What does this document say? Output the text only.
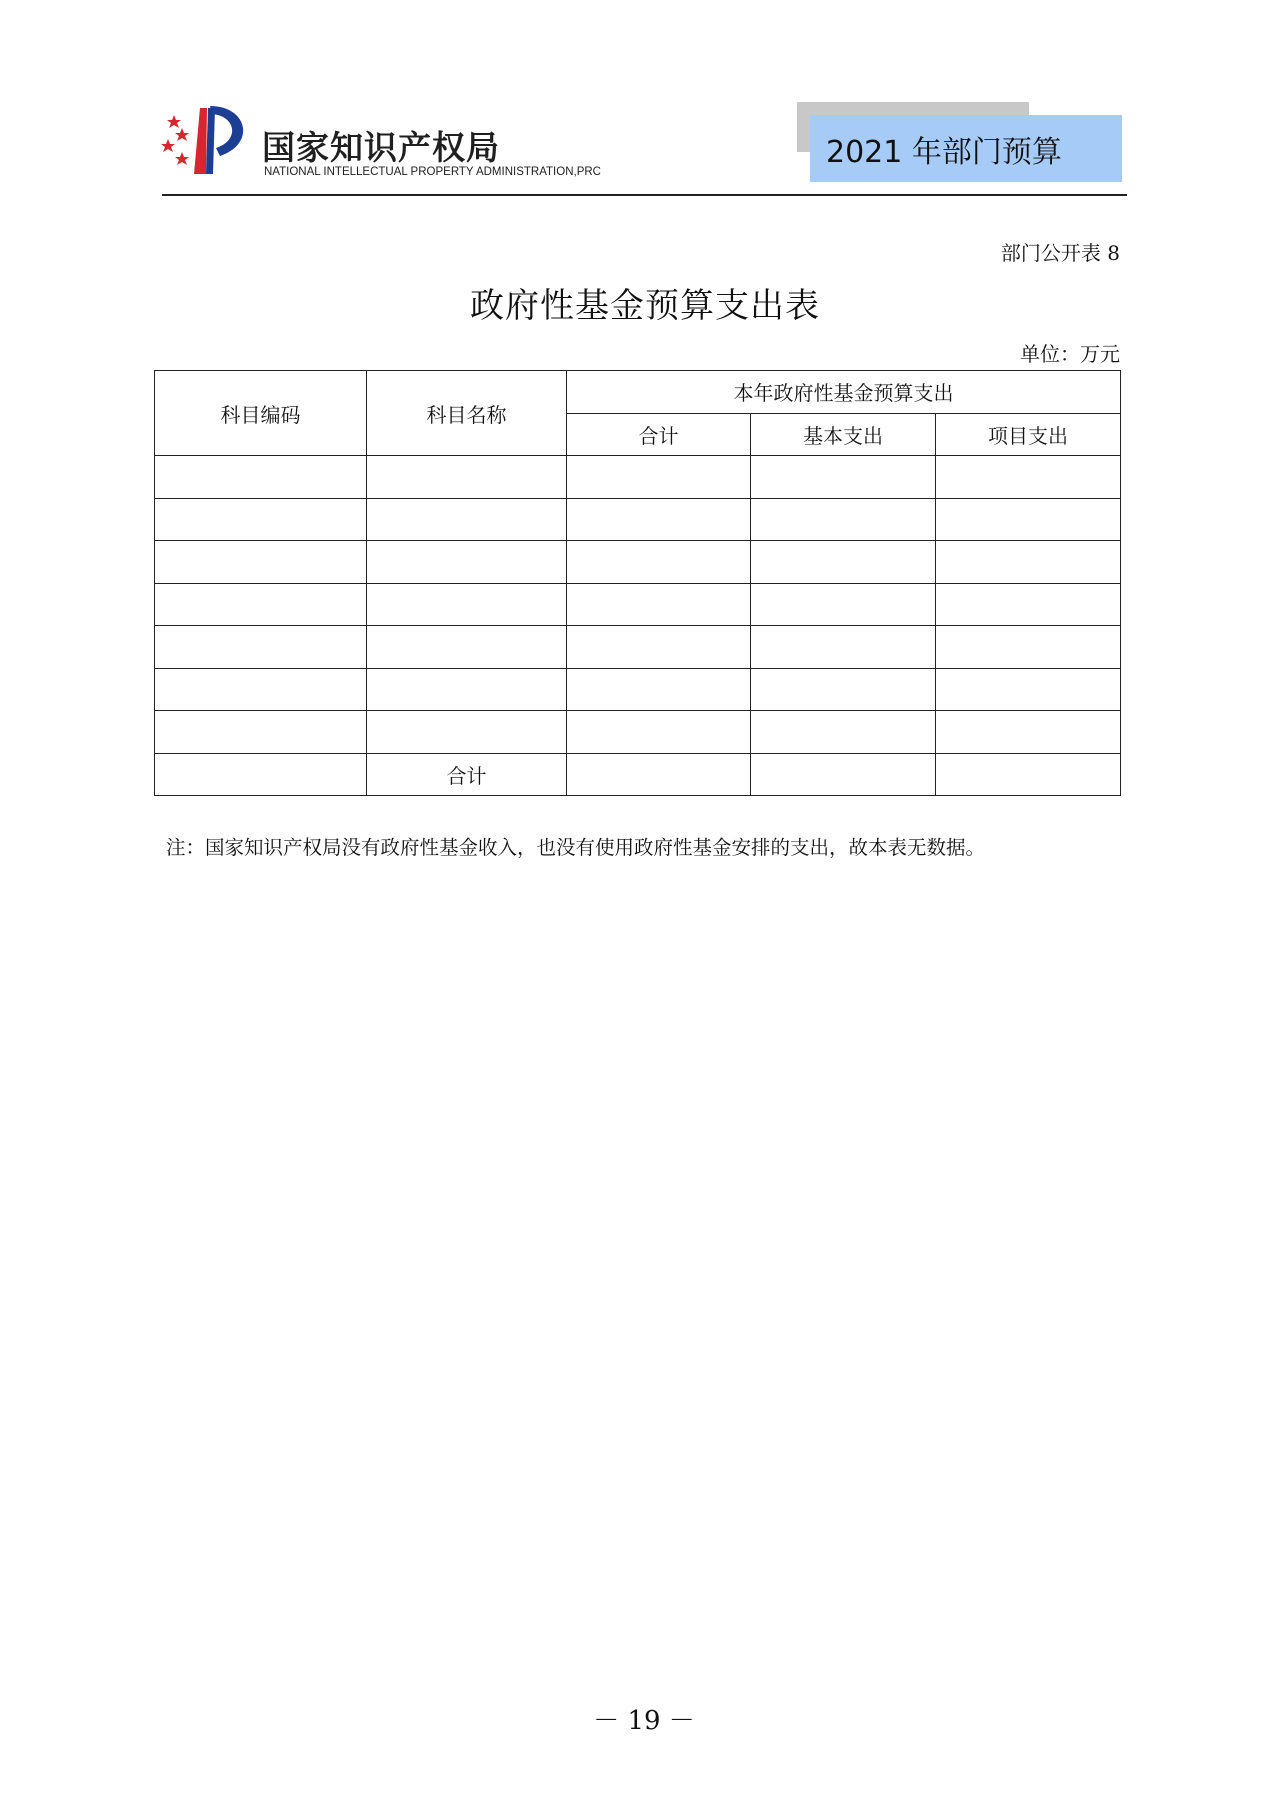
国家知识产权局
NATIONAL INTELLECTUAL PROPERTY ADMINISTRATION,PRC
2021 年部门预算
部门公开表 8
政府性基金预算支出表
单位：万元
科目编码	科目名称	本年政府性基金预算支出		
		合计	基本支出	项目支出

	合计			
注：国家知识产权局没有政府性基金收入，也没有使用政府性基金安排的支出，故本表无数据。
－ 19 －
